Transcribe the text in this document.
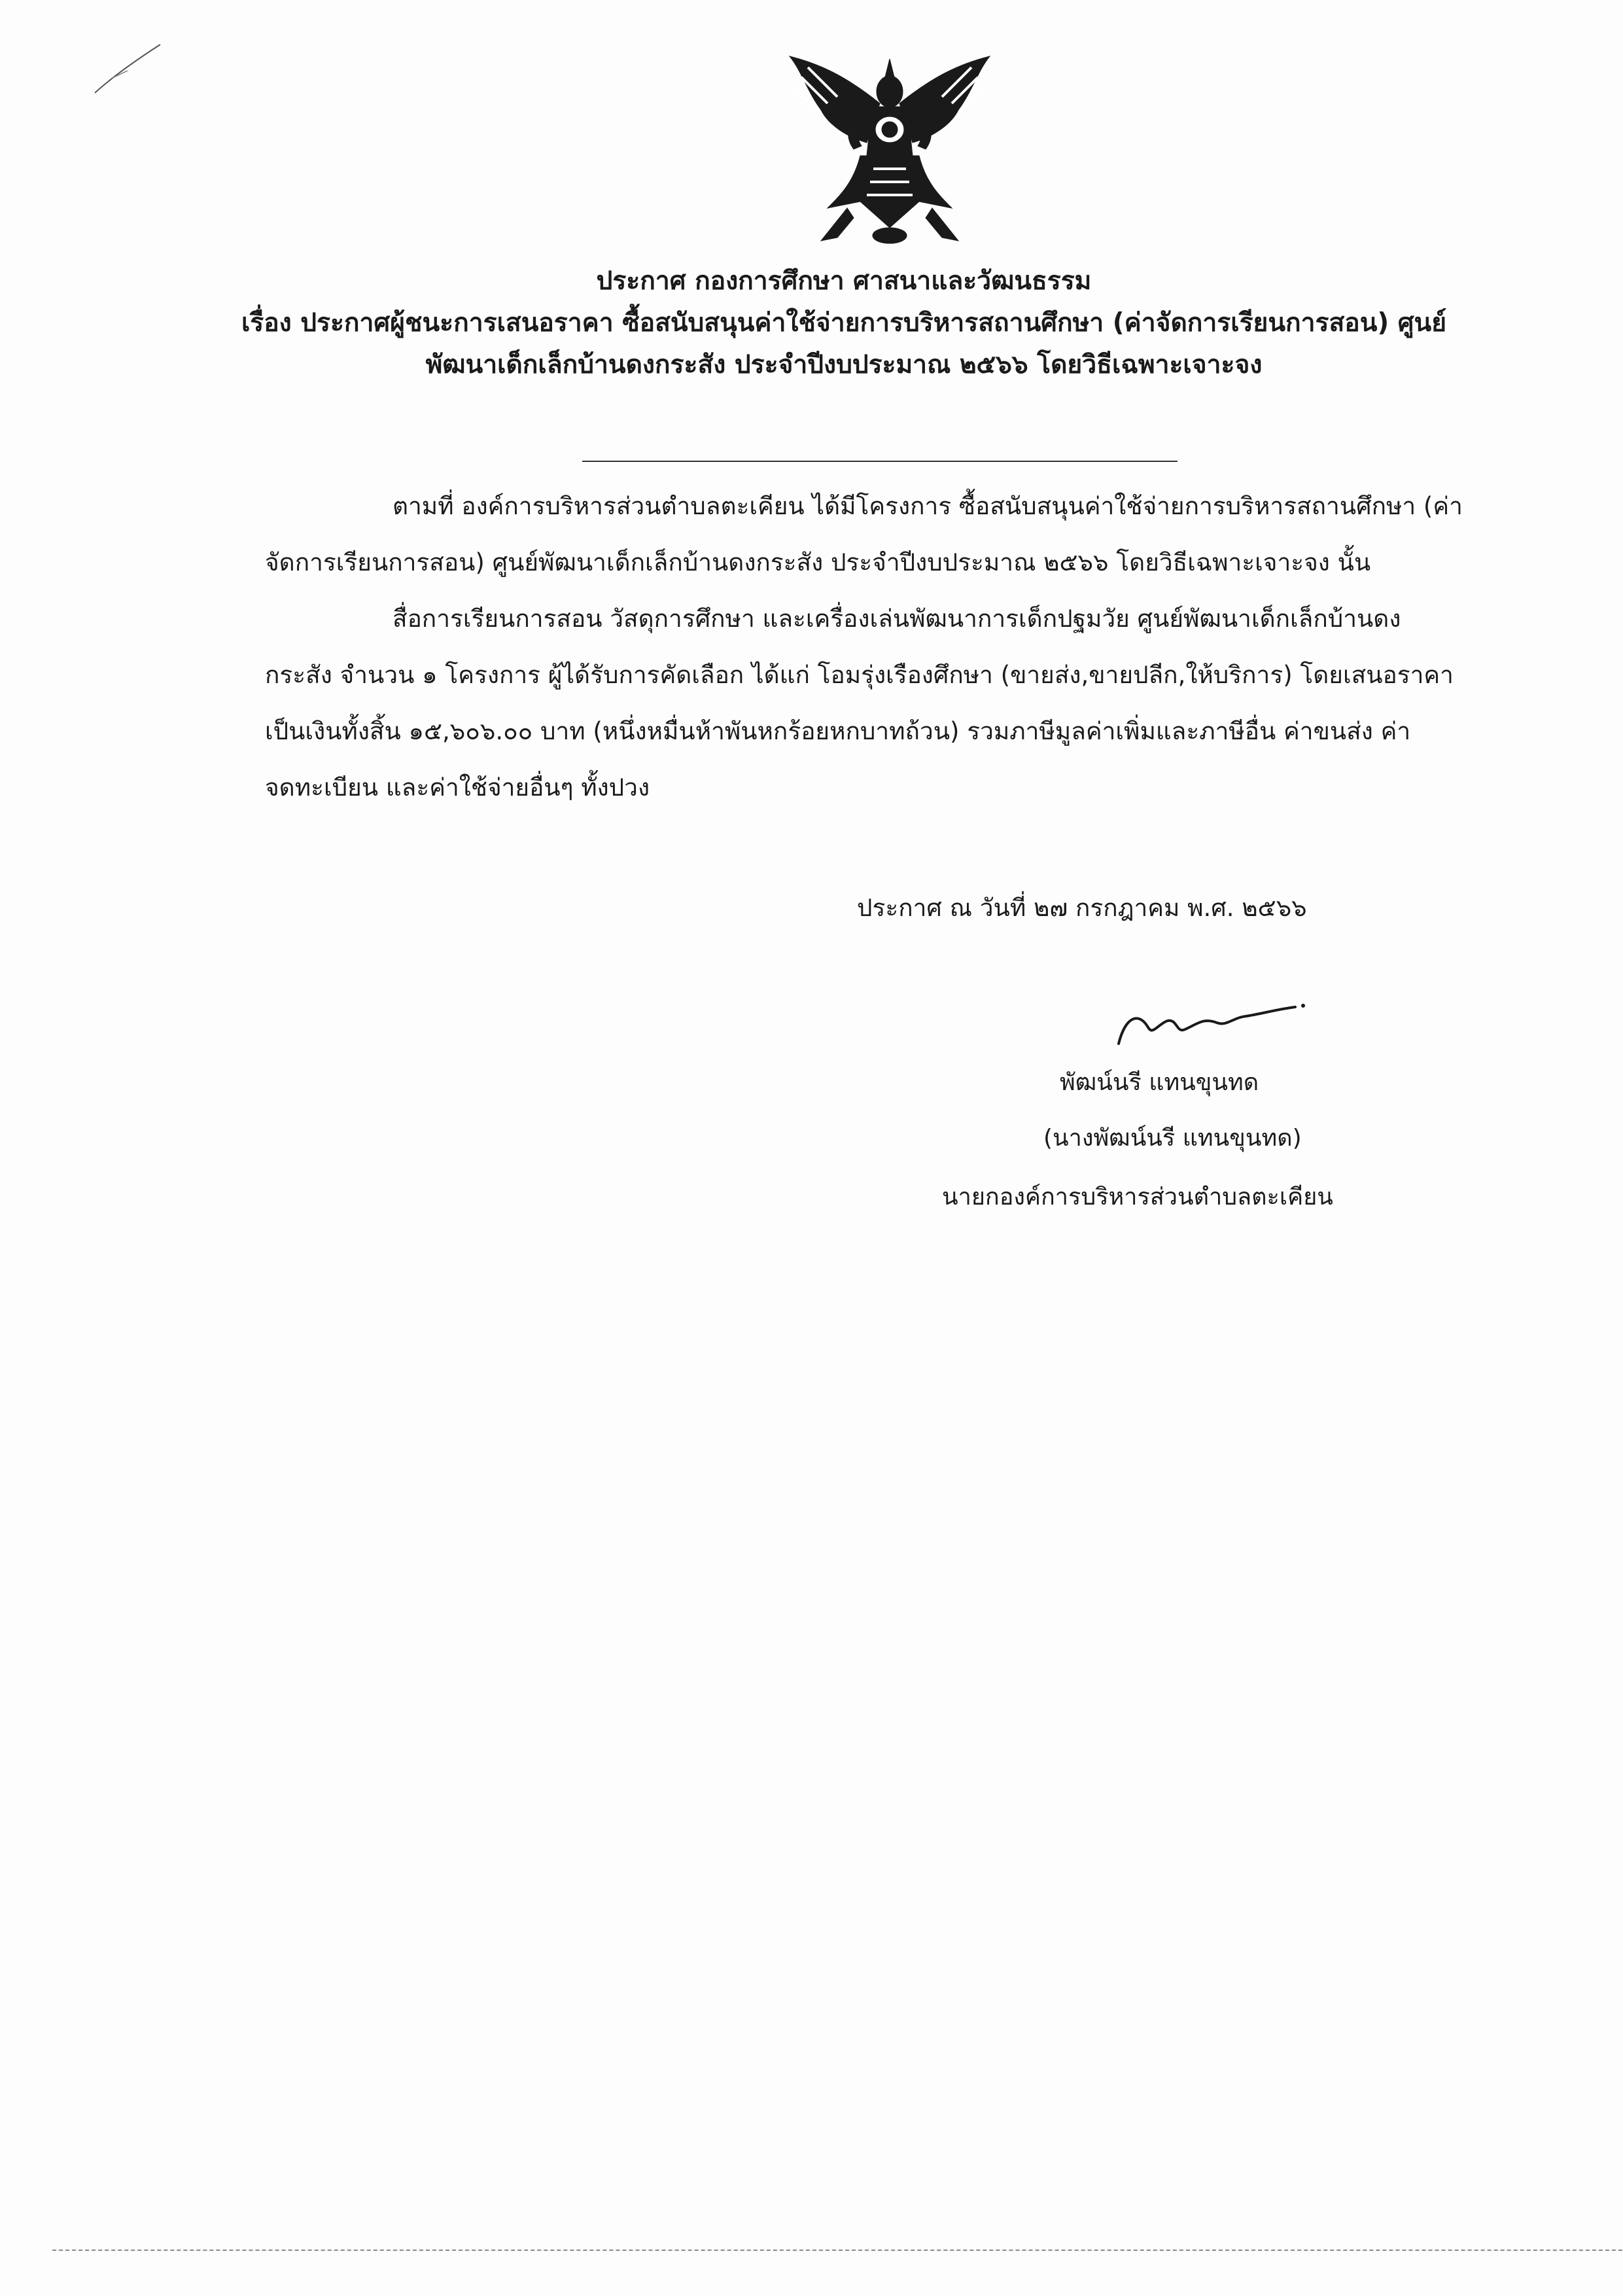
ประกาศ กองการศึกษา ศาสนาและวัฒนธรรม
เรื่อง ประกาศผู้ชนะการเสนอราคา ซื้อสนับสนุนค่าใช้จ่ายการบริหารสถานศึกษา (ค่าจัดการเรียนการสอน) ศูนย์
พัฒนาเด็กเล็กบ้านดงกระสัง ประจำปีงบประมาณ ๒๕๖๖ โดยวิธีเฉพาะเจาะจง
ตามที่ องค์การบริหารส่วนตำบลตะเคียน ได้มีโครงการ ซื้อสนับสนุนค่าใช้จ่ายการบริหารสถานศึกษา (ค่า
จัดการเรียนการสอน) ศูนย์พัฒนาเด็กเล็กบ้านดงกระสัง ประจำปีงบประมาณ ๒๕๖๖ โดยวิธีเฉพาะเจาะจง นั้น
สื่อการเรียนการสอน วัสดุการศึกษา และเครื่องเล่นพัฒนาการเด็กปฐมวัย ศูนย์พัฒนาเด็กเล็กบ้านดง
กระสัง จำนวน ๑ โครงการ ผู้ได้รับการคัดเลือก ได้แก่ โอมรุ่งเรืองศึกษา (ขายส่ง,ขายปลีก,ให้บริการ) โดยเสนอราคา
เป็นเงินทั้งสิ้น ๑๕,๖๐๖.๐๐ บาท (หนึ่งหมื่นห้าพันหกร้อยหกบาทถ้วน) รวมภาษีมูลค่าเพิ่มและภาษีอื่น ค่าขนส่ง ค่า
จดทะเบียน และค่าใช้จ่ายอื่นๆ ทั้งปวง
ประกาศ ณ วันที่ ๒๗ กรกฎาคม พ.ศ. ๒๕๖๖
พัฒน์นรี แทนขุนทด
(นางพัฒน์นรี แทนขุนทด)
นายกองค์การบริหารส่วนตำบลตะเคียน
